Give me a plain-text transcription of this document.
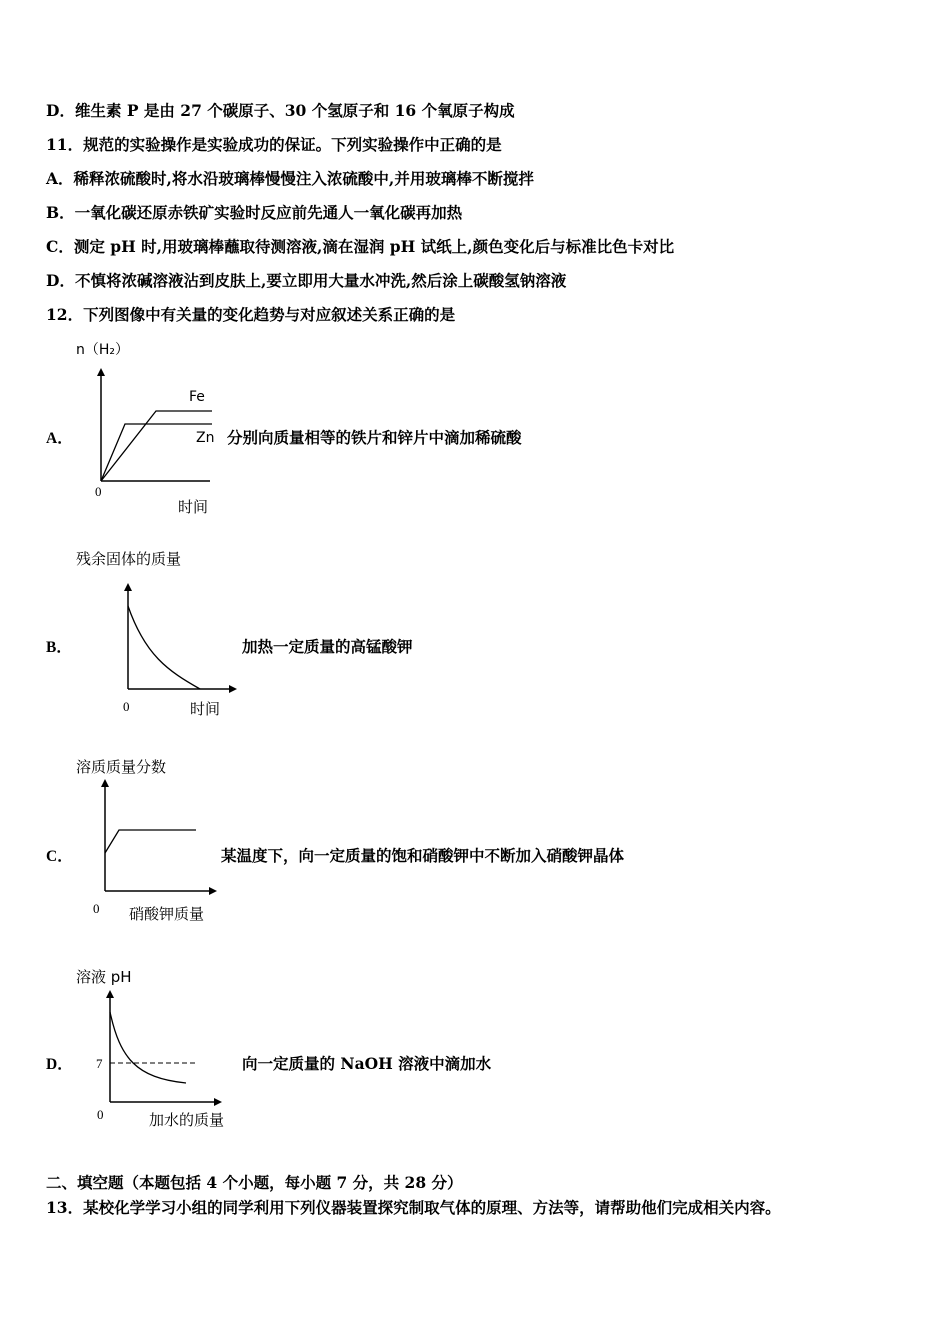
D．维生素 P 是由 27 个碳原子、30 个氢原子和 16 个氧原子构成
11．规范的实验操作是实验成功的保证。下列实验操作中正确的是
A．稀释浓硫酸时,将水沿玻璃棒慢慢注入浓硫酸中,并用玻璃棒不断搅拌
B．一氧化碳还原赤铁矿实验时反应前先通人一氧化碳再加热
C．测定 pH 时,用玻璃棒蘸取待测溶液,滴在湿润 pH 试纸上,颜色变化后与标准比色卡对比
D．不慎将浓碱溶液沾到皮肤上,要立即用大量水冲洗,然后涂上碳酸氢钠溶液
12．下列图像中有关量的变化趋势与对应叙述关系正确的是
A．
n（H₂）
Fe
Zn
0
时间
分别向质量相等的铁片和锌片中滴加稀硫酸
B．
残余固体的质量
0	时间
加热一定质量的高锰酸钾
C．
溶质质量分数
0 硝酸钾质量
某温度下，向一定质量的饱和硝酸钾中不断加入硝酸钾晶体
D．
溶液 pH
7
0	加水的质量
向一定质量的 NaOH 溶液中滴加水
二、填空题（本题包括 4 个小题，每小题 7 分，共 28 分）
13．某校化学学习小组的同学利用下列仪器装置探究制取气体的原理、方法等，请帮助他们完成相关内容。
